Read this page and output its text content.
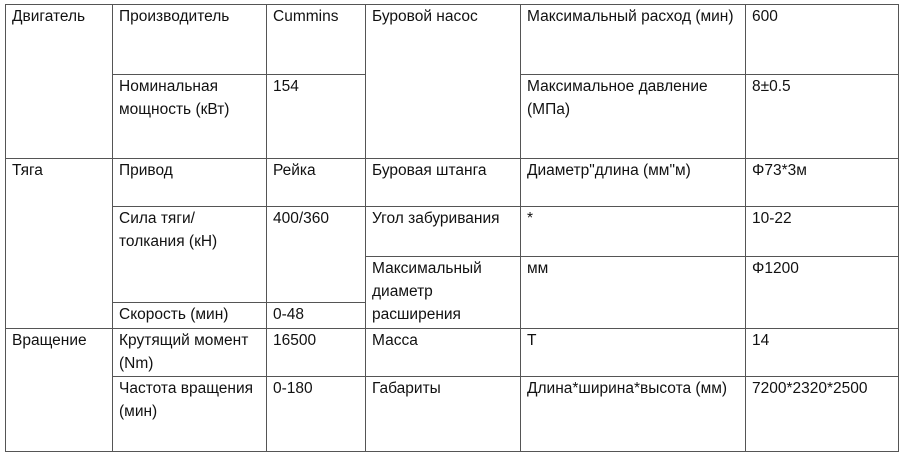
Двигатель	Производитель	Cummins	Буровой насос	Максимальный расход (мин)	600
	Номинальная мощность (кВт)	154		Максимальное давление (МПа)	8±0.5

Тяга	Привод	Рейка	Буровая штанга	Диаметр"длина (мм"м)	Φ73*3м
	Сила тяги/толкания (кН)	400/360	Угол забуривания	*	10-22
			Максимальный диаметр расширения	мм	Φ1200
	Скорость (мин)	0-48			
Вращение	Крутящий момент (Nm)	16500	Масса	Т	14
	Частота вращения (мин)	0-180	Габариты	Длина*ширина*высота (мм)	7200*2320*2500
